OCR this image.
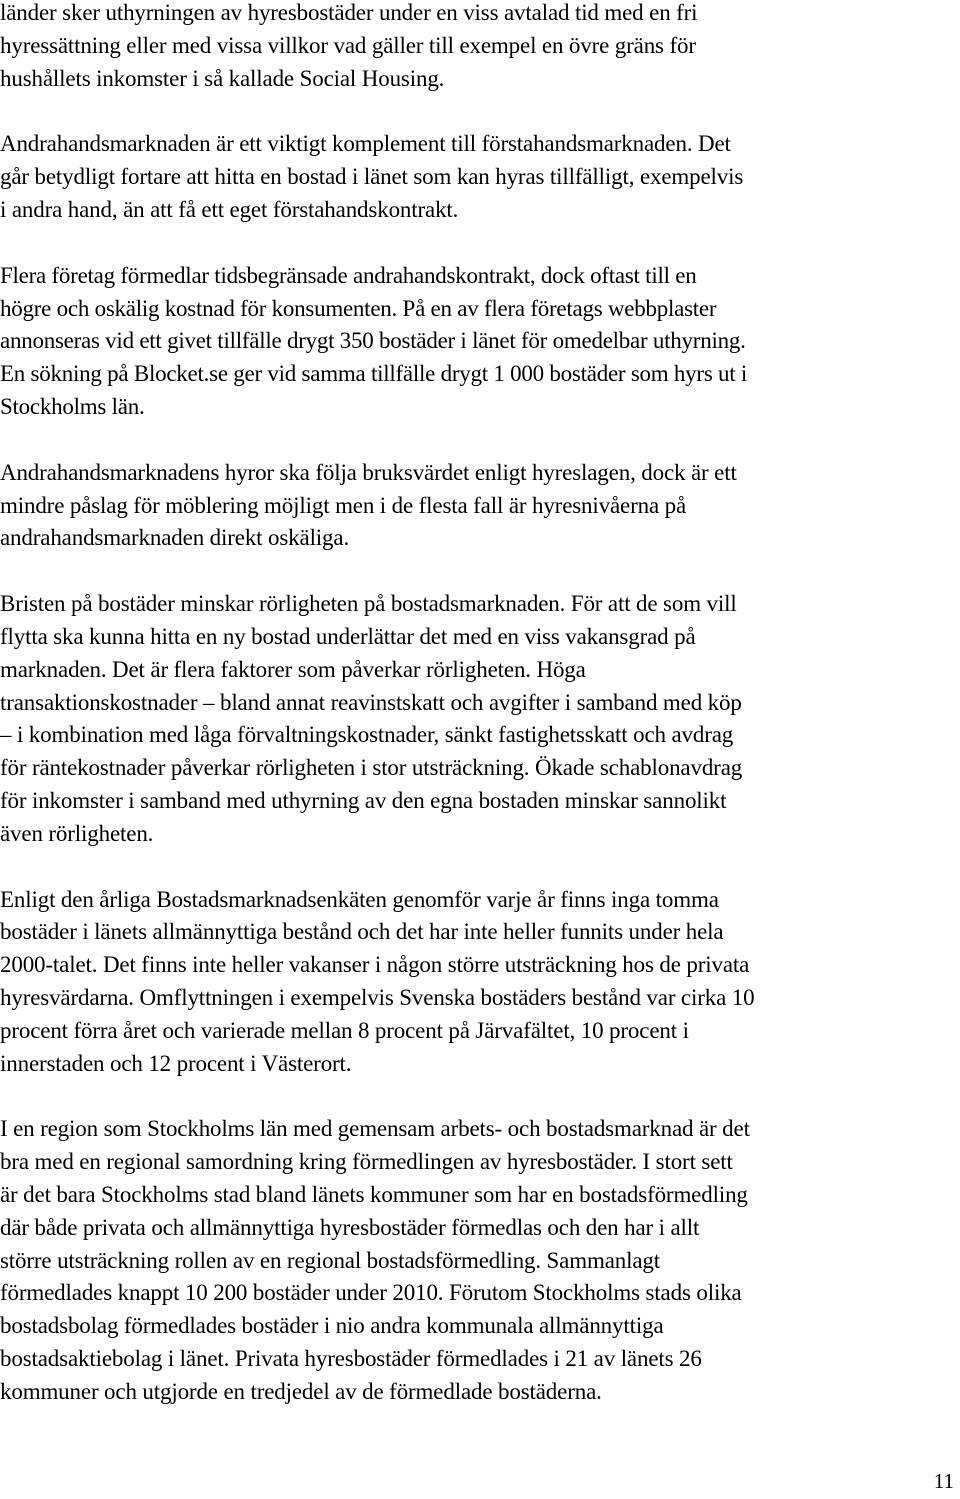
länder sker uthyrningen av hyresbostäder under en viss avtalad tid med en fri
hyressättning eller med vissa villkor vad gäller till exempel en övre gräns för
hushållets inkomster i så kallade Social Housing.

Andrahandsmarknaden är ett viktigt komplement till förstahandsmarknaden. Det
går betydligt fortare att hitta en bostad i länet som kan hyras tillfälligt, exempelvis
i andra hand, än att få ett eget förstahandskontrakt.

Flera företag förmedlar tidsbegränsade andrahandskontrakt, dock oftast till en
högre och oskälig kostnad för konsumenten. På en av flera företags webbplaster
annonseras vid ett givet tillfälle drygt 350 bostäder i länet för omedelbar uthyrning.
En sökning på Blocket.se ger vid samma tillfälle drygt 1 000 bostäder som hyrs ut i
Stockholms län.

Andrahandsmarknadens hyror ska följa bruksvärdet enligt hyreslagen, dock är ett
mindre påslag för möblering möjligt men i de flesta fall är hyresnivåerna på
andrahandsmarknaden direkt oskäliga.

Bristen på bostäder minskar rörligheten på bostadsmarknaden. För att de som vill
flytta ska kunna hitta en ny bostad underlättar det med en viss vakansgrad på
marknaden. Det är flera faktorer som påverkar rörligheten. Höga
transaktionskostnader – bland annat reavinstskatt och avgifter i samband med köp
– i kombination med låga förvaltningskostnader, sänkt fastighetsskatt och avdrag
för räntekostnader påverkar rörligheten i stor utsträckning. Ökade schablonavdrag
för inkomster i samband med uthyrning av den egna bostaden minskar sannolikt
även rörligheten.

Enligt den årliga Bostadsmarknadsenkäten genomför varje år finns inga tomma
bostäder i länets allmännyttiga bestånd och det har inte heller funnits under hela
2000-talet. Det finns inte heller vakanser i någon större utsträckning hos de privata
hyresvärdarna. Omflyttningen i exempelvis Svenska bostäders bestånd var cirka 10
procent förra året och varierade mellan 8 procent på Järvafältet, 10 procent i
innerstaden och 12 procent i Västerort.

I en region som Stockholms län med gemensam arbets- och bostadsmarknad är det
bra med en regional samordning kring förmedlingen av hyresbostäder. I stort sett
är det bara Stockholms stad bland länets kommuner som har en bostadsförmedling
där både privata och allmännyttiga hyresbostäder förmedlas och den har i allt
större utsträckning rollen av en regional bostadsförmedling. Sammanlagt
förmedlades knappt 10 200 bostäder under 2010. Förutom Stockholms stads olika
bostadsbolag förmedlades bostäder i nio andra kommunala allmännyttiga
bostadsaktiebolag i länet. Privata hyresbostäder förmedlades i 21 av länets 26
kommuner och utgjorde en tredjedel av de förmedlade bostäderna.

11
